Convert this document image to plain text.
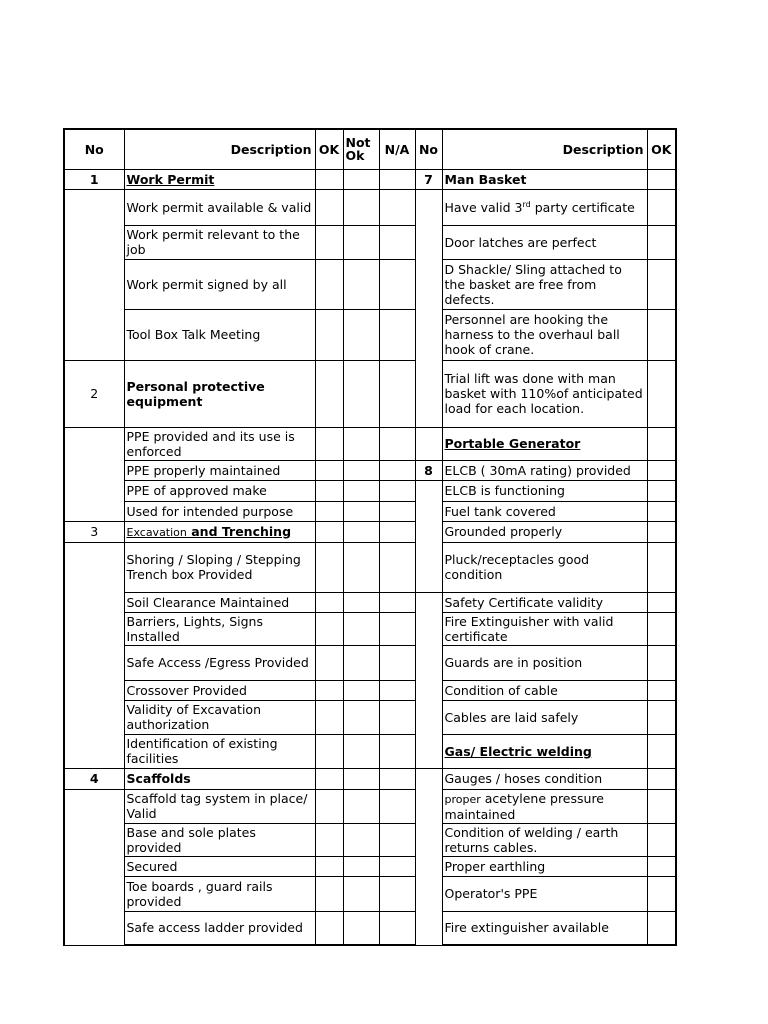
No	Description	OK	Not Ok	N/A	No	Description	OK
1	Work Permit				7	Man Basket	
	Work permit available & valid					Have valid 3rd party certificate	
	Work permit relevant to the job					Door latches are perfect	
	Work permit signed by all					D Shackle/ Sling attached to the basket are free from defects.	
	Tool Box Talk Meeting					Personnel are hooking the harness to the overhaul ball hook of crane.	
2	Personal protective equipment					Trial lift was done with man basket with 110%of anticipated load for each location.	
	PPE provided and its use is enforced					Portable Generator	
	PPE properly maintained				8	ELCB ( 30mA rating) provided	
	PPE of approved make					ELCB is functioning	
	Used for intended purpose					Fuel tank covered	
3	Excavation and Trenching					Grounded properly	
	Shoring / Sloping / Stepping Trench box Provided					Pluck/receptacles good condition	
	Soil Clearance Maintained					Safety Certificate validity	
	Barriers, Lights, Signs Installed					Fire Extinguisher with valid certificate	
	Safe Access /Egress Provided					Guards are in position	
	Crossover Provided					Condition of cable	
	Validity of Excavation authorization					Cables are laid safely	
	Identification of existing facilities					Gas/ Electric welding	
4	Scaffolds					Gauges / hoses condition	
	Scaffold tag system in place/ Valid					proper acetylene pressure maintained	
	Base and sole plates provided					Condition of welding / earth returns cables.	
	Secured					Proper earthling	
	Toe boards , guard rails provided					Operator's PPE	
	Safe access ladder provided					Fire extinguisher available	
